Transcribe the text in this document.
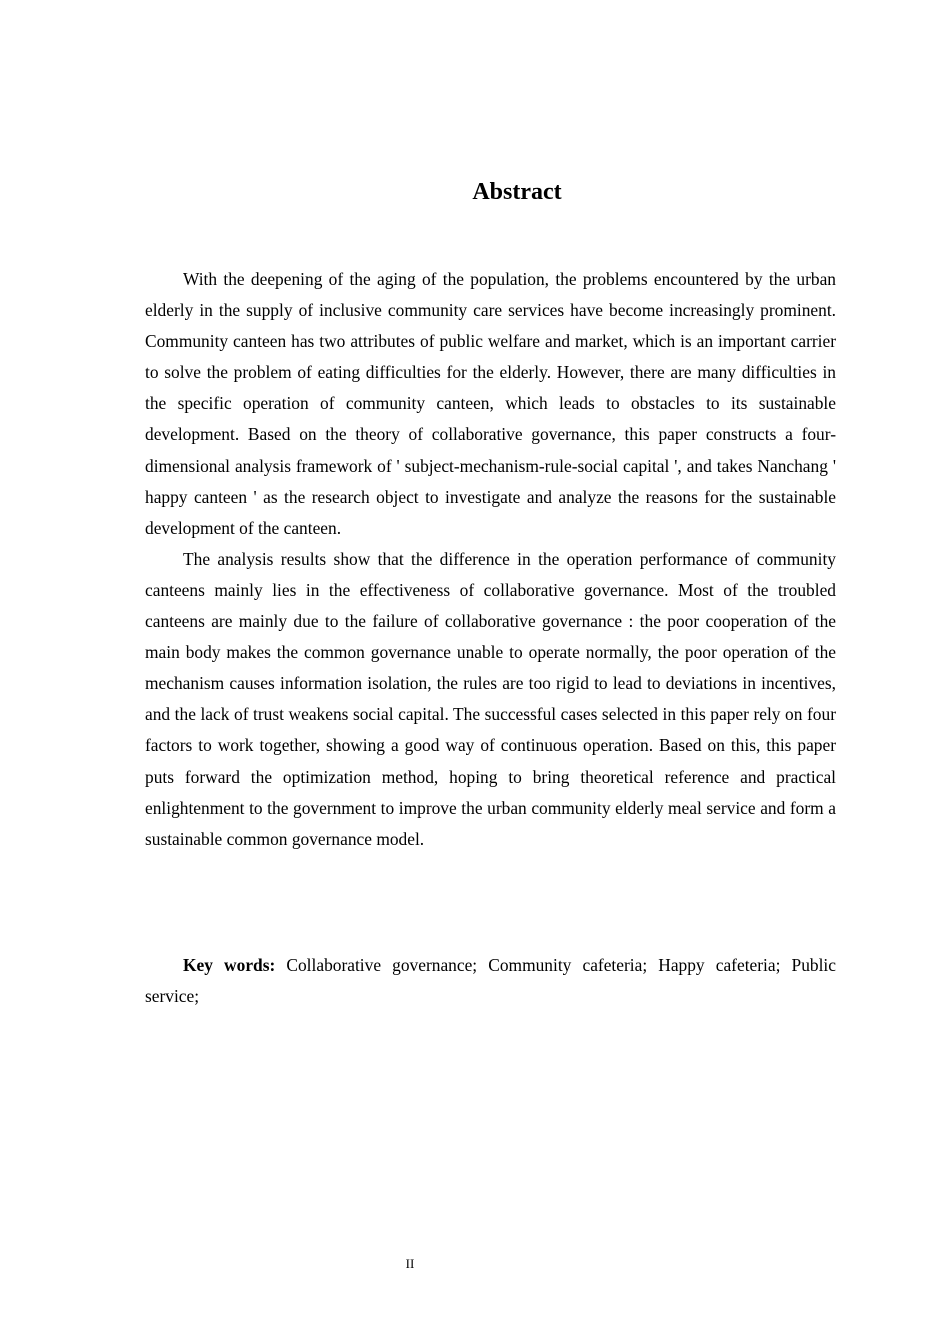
Abstract

With the deepening of the aging of the population, the problems encountered by the urban elderly in the supply of inclusive community care services have become increasingly prominent. Community canteen has two attributes of public welfare and market, which is an important carrier to solve the problem of eating difficulties for the elderly. However, there are many difficulties in the specific operation of community canteen, which leads to obstacles to its sustainable development. Based on the theory of collaborative governance, this paper constructs a four-dimensional analysis framework of ' subject-mechanism-rule-social capital ', and takes Nanchang ' happy canteen ' as the research object to investigate and analyze the reasons for the sustainable development of the canteen.

The analysis results show that the difference in the operation performance of community canteens mainly lies in the effectiveness of collaborative governance. Most of the troubled canteens are mainly due to the failure of collaborative governance : the poor cooperation of the main body makes the common governance unable to operate normally, the poor operation of the mechanism causes information isolation, the rules are too rigid to lead to deviations in incentives, and the lack of trust weakens social capital. The successful cases selected in this paper rely on four factors to work together, showing a good way of continuous operation. Based on this, this paper puts forward the optimization method, hoping to bring theoretical reference and practical enlightenment to the government to improve the urban community elderly meal service and form a sustainable common governance model.

Key words: Collaborative governance; Community cafeteria; Happy cafeteria; Public service;

II
